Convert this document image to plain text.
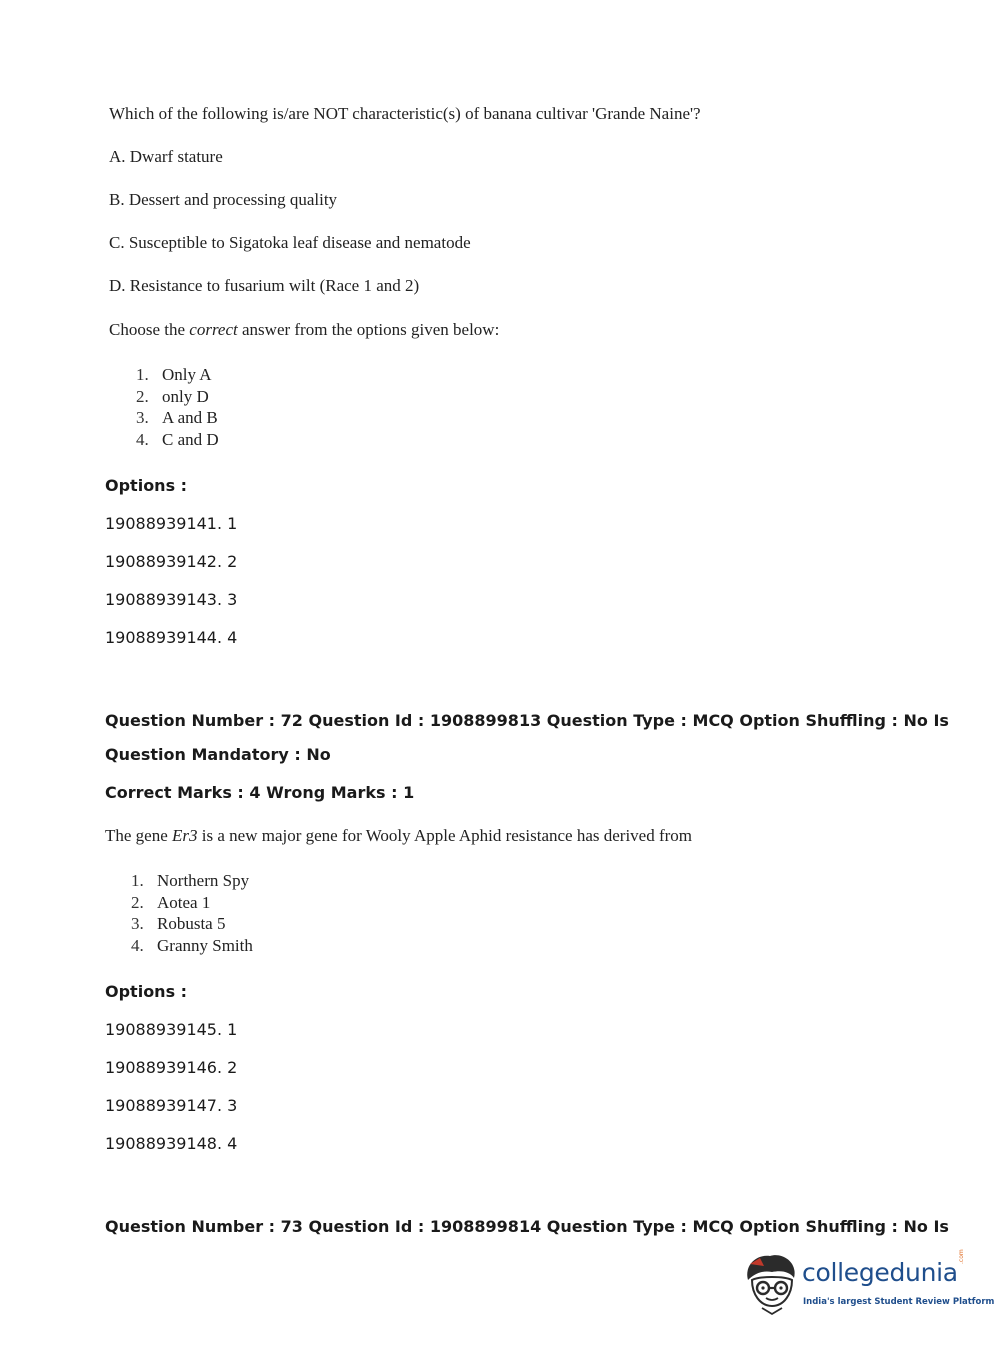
Which of the following is/are NOT characteristic(s) of banana cultivar 'Grande Naine'?
A. Dwarf stature
B. Dessert and processing quality
C. Susceptible to Sigatoka leaf disease and nematode
D. Resistance to fusarium wilt (Race 1 and 2)
Choose the correct answer from the options given below:
1. Only A
2. only D
3. A and B
4. C and D
Options :
19088939141. 1
19088939142. 2
19088939143. 3
19088939144. 4
Question Number : 72 Question Id : 1908899813 Question Type : MCQ Option Shuffling : No Is
Question Mandatory : No
Correct Marks : 4 Wrong Marks : 1
The gene Er3 is a new major gene for Wooly Apple Aphid resistance has derived from
1. Northern Spy
2. Aotea 1
3. Robusta 5
4. Granny Smith
Options :
19088939145. 1
19088939146. 2
19088939147. 3
19088939148. 4
Question Number : 73 Question Id : 1908899814 Question Type : MCQ Option Shuffling : No Is
collegedunia
.com
India's largest Student Review Platform
